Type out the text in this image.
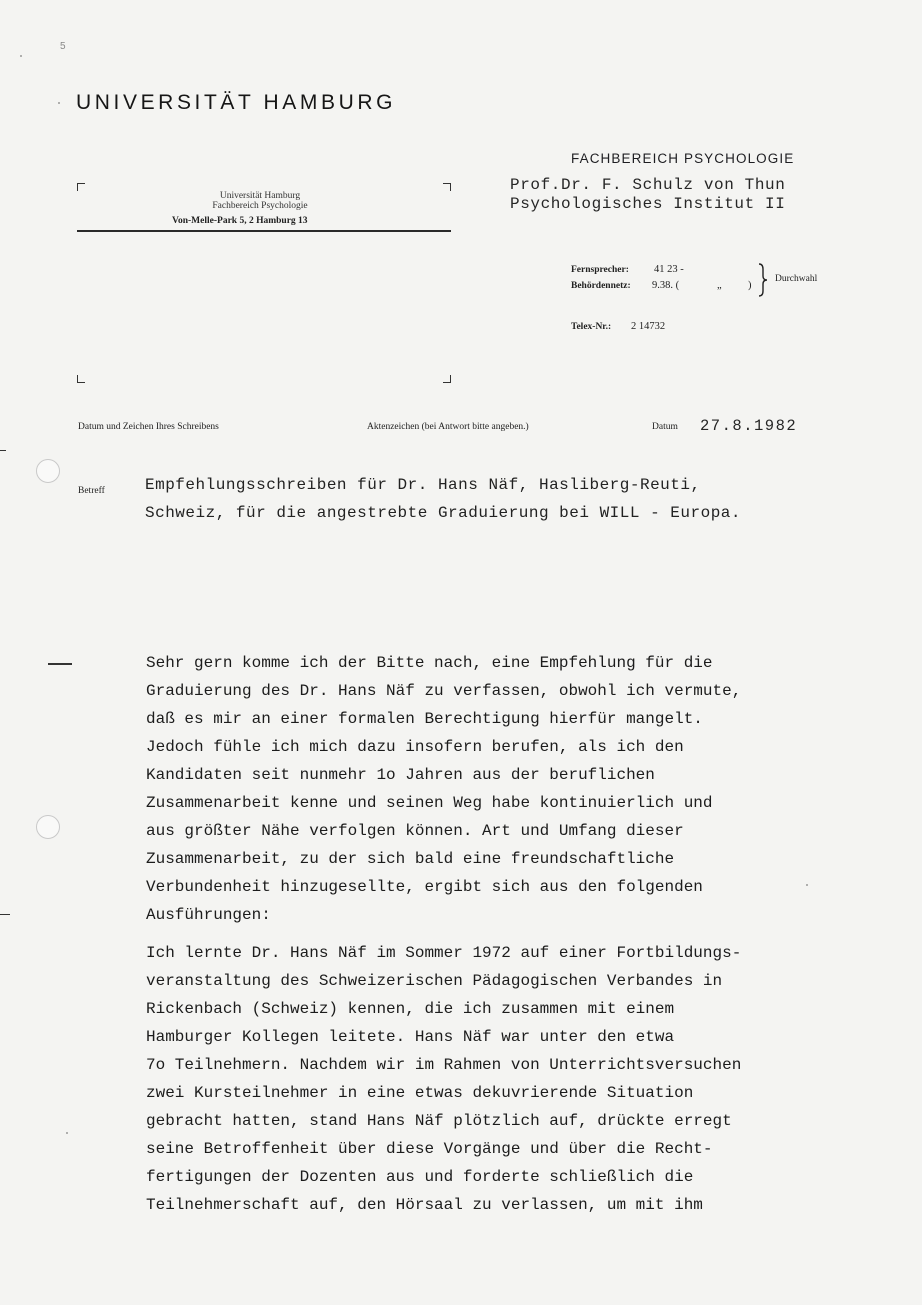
5
UNIVERSITÄT HAMBURG
FACHBEREICH PSYCHOLOGIE
Prof.Dr. F. Schulz von Thun
Psychologisches Institut II
Universität Hamburg
Fachbereich Psychologie
Von-Melle-Park 5, 2 Hamburg 13
Fernsprecher: 41 23 -
Behördennetz: 9.38. (	„	)
Durchwahl
Telex-Nr.: 2 14732
Datum und Zeichen Ihres Schreibens	Aktenzeichen (bei Antwort bitte angeben.)	Datum 27.8.1982
Betreff	Empfehlungsschreiben für Dr. Hans Näf, Hasliberg-Reuti,
Schweiz, für die angestrebte Graduierung bei WILL - Europa.
Sehr gern komme ich der Bitte nach, eine Empfehlung für die
Graduierung des Dr. Hans Näf zu verfassen, obwohl ich vermute,
daß es mir an einer formalen Berechtigung hierfür mangelt.
Jedoch fühle ich mich dazu insofern berufen, als ich den
Kandidaten seit nunmehr 1o Jahren aus der beruflichen
Zusammenarbeit kenne und seinen Weg habe kontinuierlich und
aus größter Nähe verfolgen können. Art und Umfang dieser
Zusammenarbeit, zu der sich bald eine freundschaftliche
Verbundenheit hinzugesellte, ergibt sich aus den folgenden
Ausführungen:
Ich lernte Dr. Hans Näf im Sommer 1972 auf einer Fortbildungs-
veranstaltung des Schweizerischen Pädagogischen Verbandes in
Rickenbach (Schweiz) kennen, die ich zusammen mit einem
Hamburger Kollegen leitete. Hans Näf war unter den etwa
7o Teilnehmern. Nachdem wir im Rahmen von Unterrichtsversuchen
zwei Kursteilnehmer in eine etwas dekuvrierende Situation
gebracht hatten, stand Hans Näf plötzlich auf, drückte erregt
seine Betroffenheit über diese Vorgänge und über die Recht-
fertigungen der Dozenten aus und forderte schließlich die
Teilnehmerschaft auf, den Hörsaal zu verlassen, um mit ihm
